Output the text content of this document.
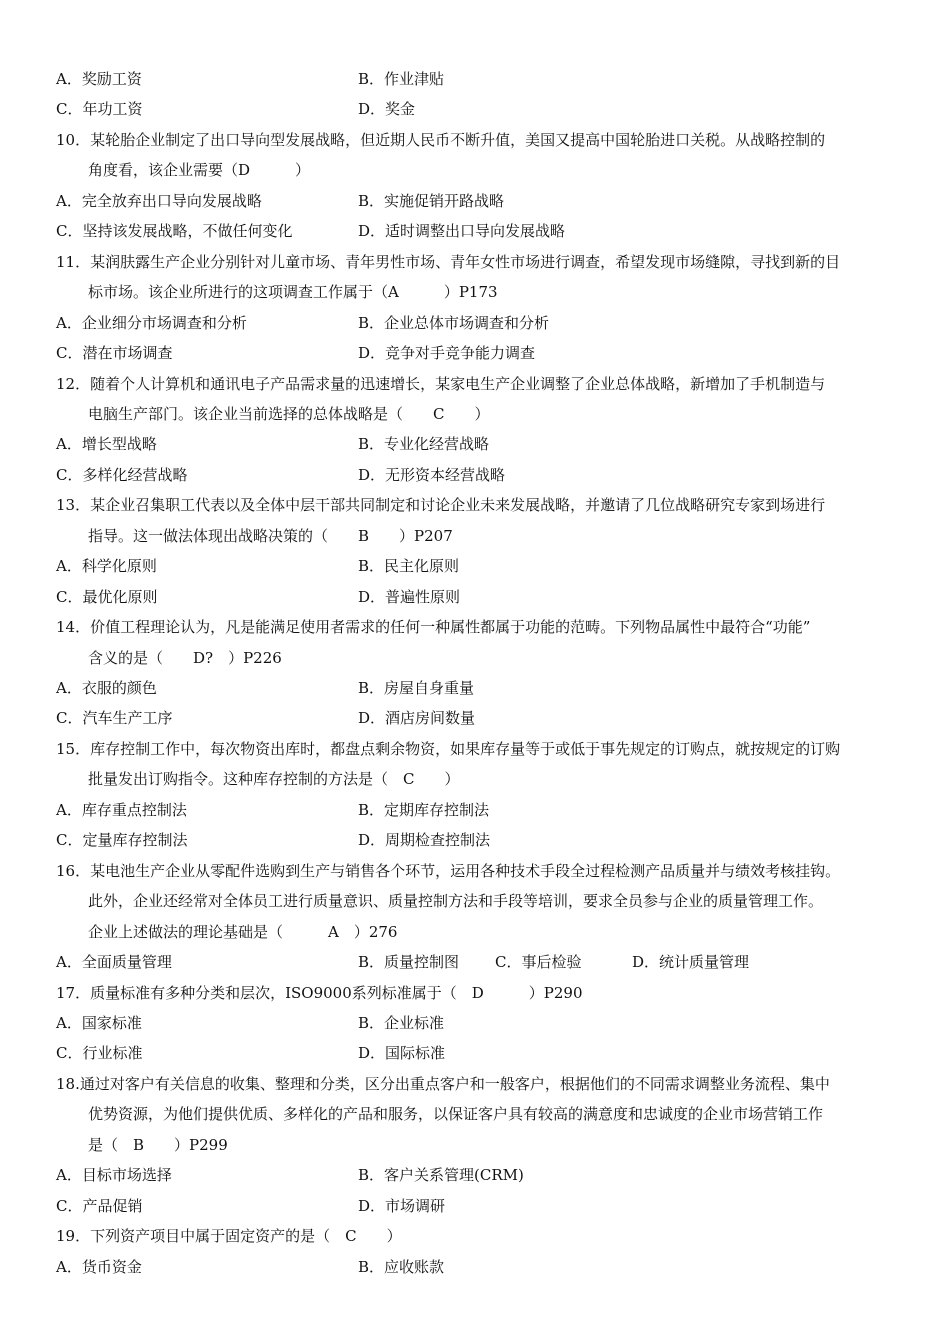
A．奖励工资	B．作业津贴
C．年功工资	D．奖金
10．某轮胎企业制定了出口导向型发展战略，但近期人民币不断升值，美国又提高中国轮胎进口关税。从战略控制的
角度看，该企业需要（D　　　）
A．完全放弃出口导向发展战略	B．实施促销开路战略
C．坚持该发展战略，不做任何变化	D．适时调整出口导向发展战略
11．某润肤露生产企业分别针对儿童市场、青年男性市场、青年女性市场进行调查，希望发现市场缝隙，寻找到新的目
标市场。该企业所进行的这项调查工作属于（A　　　）P173
A．企业细分市场调查和分析	B．企业总体市场调查和分析
C．潜在市场调查	D．竞争对手竞争能力调查
12．随着个人计算机和通讯电子产品需求量的迅速增长，某家电生产企业调整了企业总体战略，新增加了手机制造与
电脑生产部门。该企业当前选择的总体战略是（　　C　　）
A．增长型战略	B．专业化经营战略
C．多样化经营战略	D．无形资本经营战略
13．某企业召集职工代表以及全体中层干部共同制定和讨论企业未来发展战略，并邀请了几位战略研究专家到场进行
指导。这一做法体现出战略决策的（　　B　　）P207
A．科学化原则	B．民主化原则
C．最优化原则	D．普遍性原则
14．价值工程理论认为，凡是能满足使用者需求的任何一种属性都属于功能的范畴。下列物品属性中最符合“功能”
含义的是（　　D?　）P226
A．衣服的颜色	B．房屋自身重量
C．汽车生产工序	D．酒店房间数量
15．库存控制工作中，每次物资出库时，都盘点剩余物资，如果库存量等于或低于事先规定的订购点，就按规定的订购
批量发出订购指令。这种库存控制的方法是（　C　　）
A．库存重点控制法	B．定期库存控制法
C．定量库存控制法	D．周期检查控制法
16．某电池生产企业从零配件选购到生产与销售各个环节，运用各种技术手段全过程检测产品质量并与绩效考核挂钩。
此外，企业还经常对全体员工进行质量意识、质量控制方法和手段等培训，要求全员参与企业的质量管理工作。
企业上述做法的理论基础是（　　　A　）276
A．全面质量管理	B．质量控制图 C．事后检验	D．统计质量管理
17．质量标准有多种分类和层次，ISO9000系列标准属于（　D　　　）P290
A．国家标准	B．企业标准
C．行业标准	D．国际标准
18.通过对客户有关信息的收集、整理和分类，区分出重点客户和一般客户，根据他们的不同需求调整业务流程、集中
优势资源，为他们提供优质、多样化的产品和服务，以保证客户具有较高的满意度和忠诚度的企业市场营销工作
是（　B　　）P299
A．目标市场选择	B．客户关系管理(CRM)
C．产品促销	D．市场调研
19．下列资产项目中属于固定资产的是（　C　　）
A．货币资金	B．应收账款
